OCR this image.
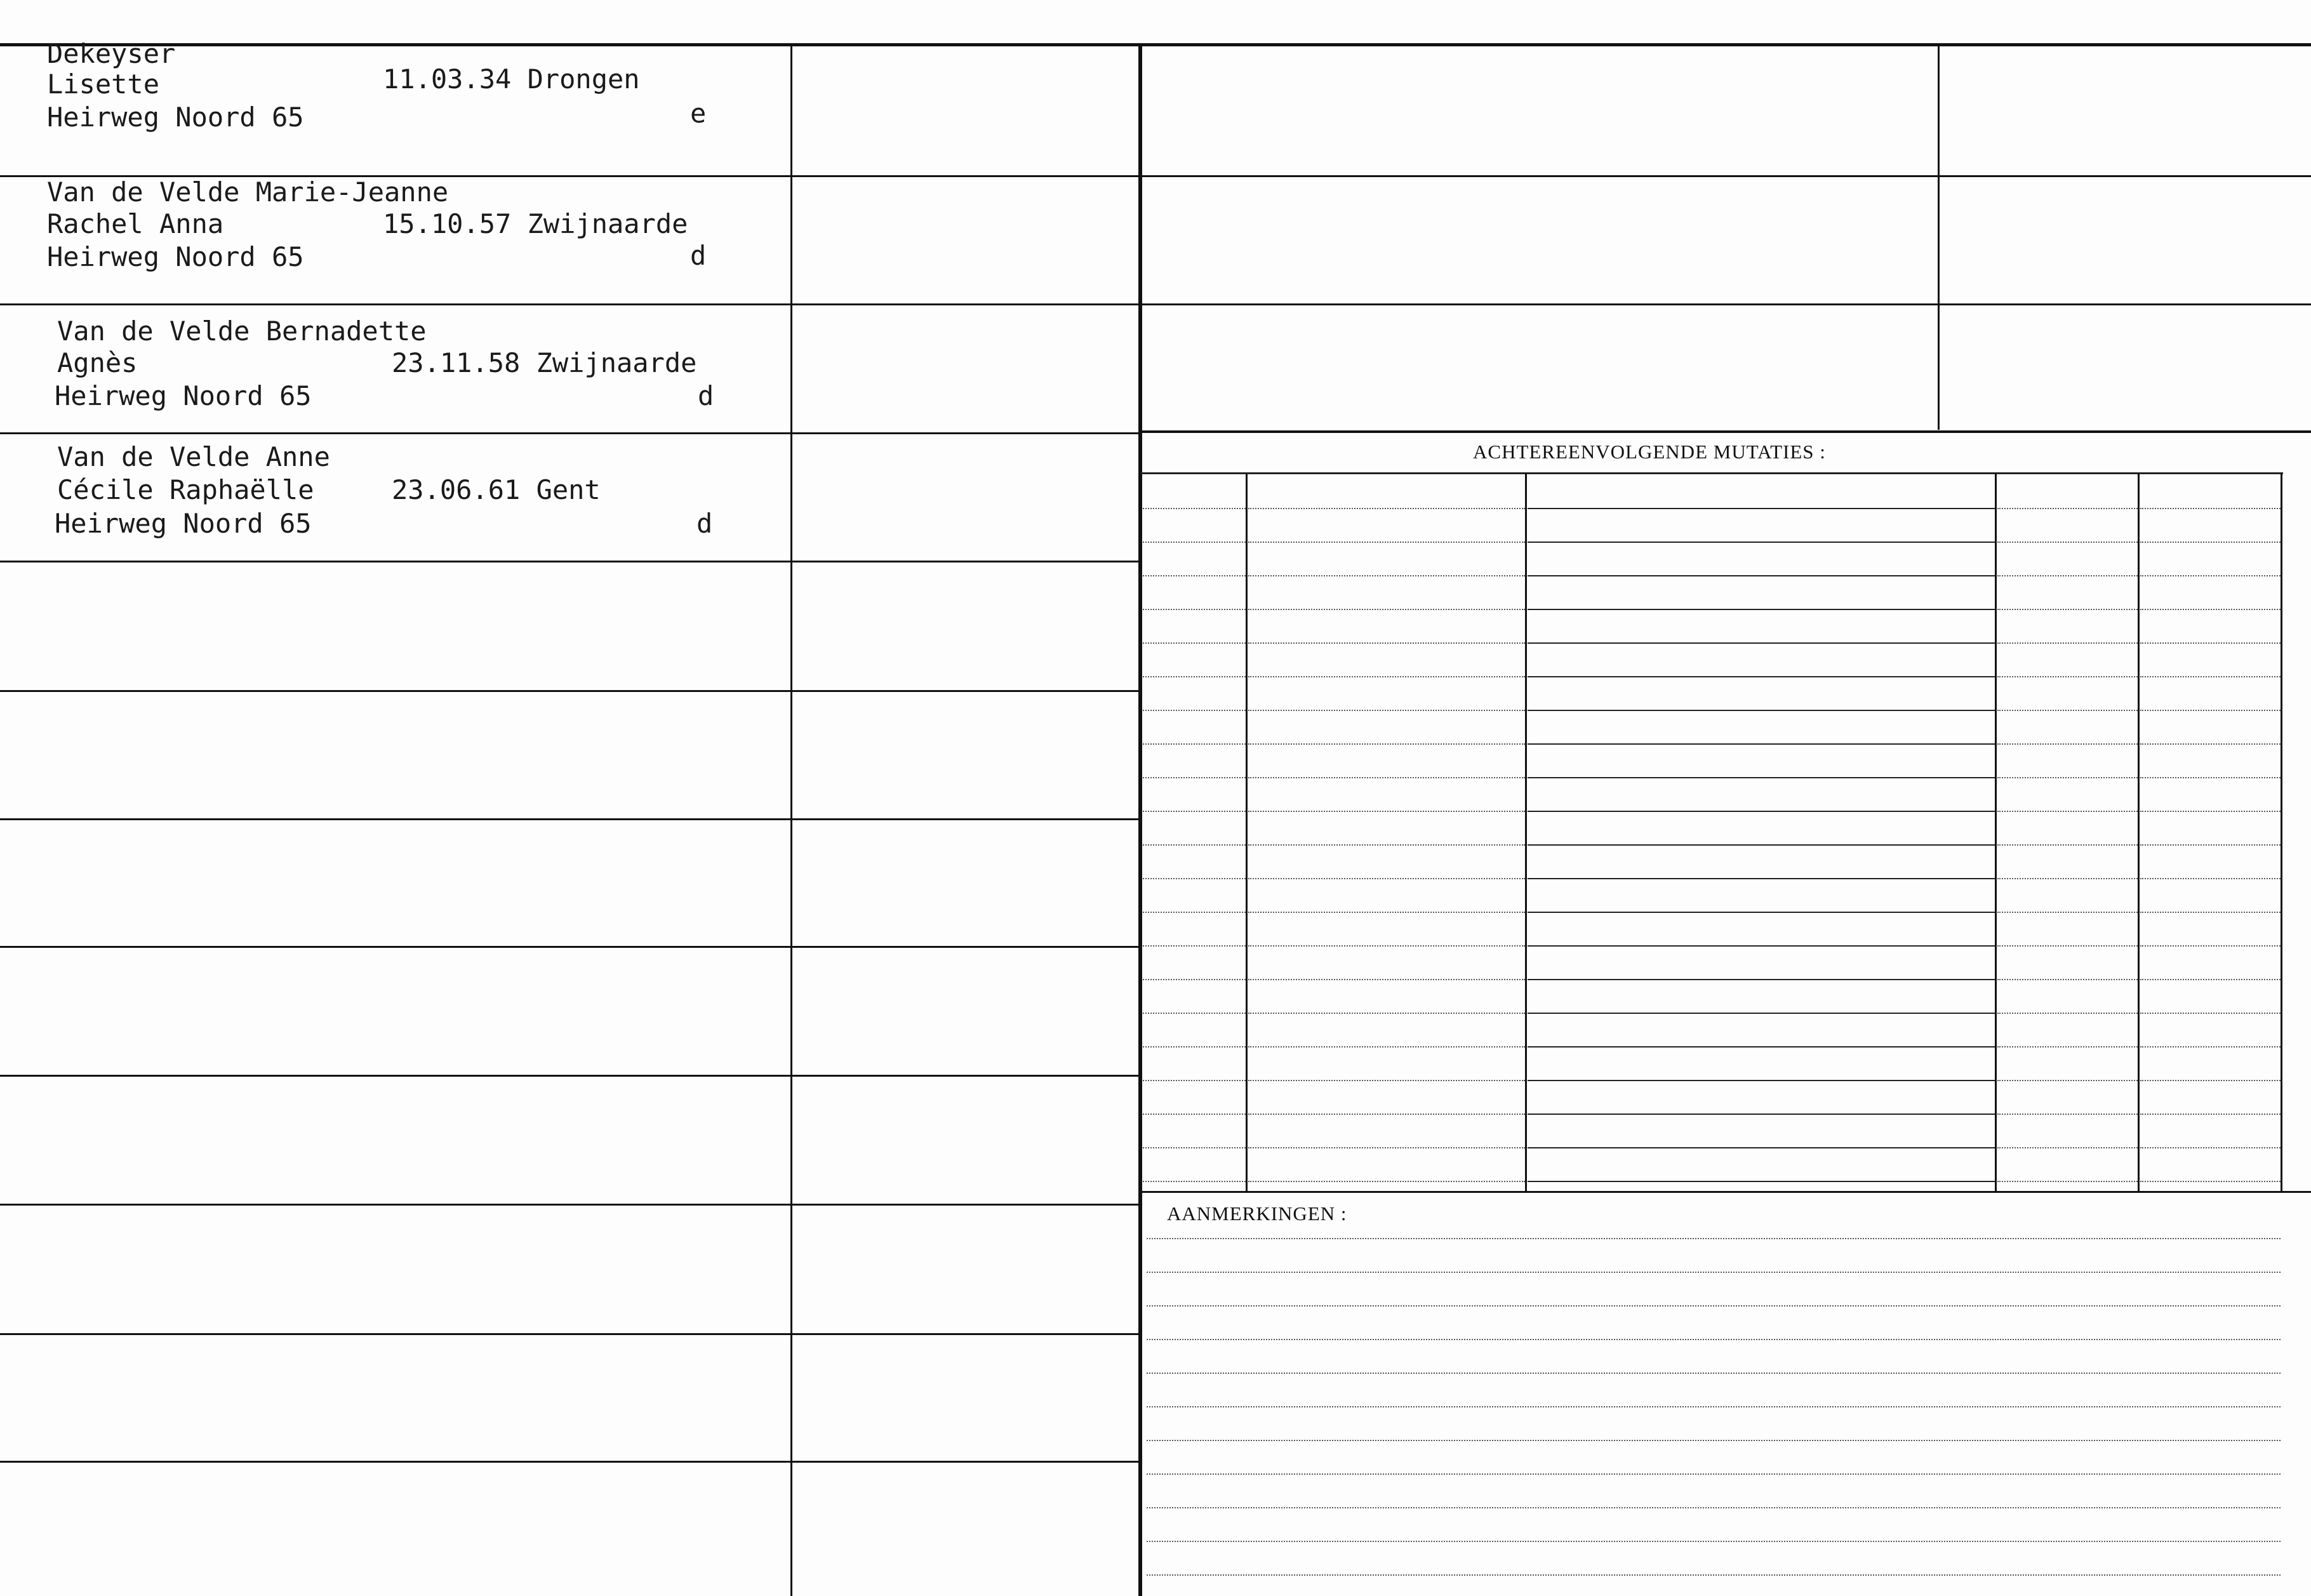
Dekeyser
Lisette	11.03.34 Drongen
Heirweg Noord 65	e
Van de Velde Marie-Jeanne
Rachel Anna	15.10.57 Zwijnaarde
Heirweg Noord 65	d
Van de Velde Bernadette
Agnès	23.11.58 Zwijnaarde
Heirweg Noord 65	d
Van de Velde Anne
Cécile Raphaëlle	23.06.61 Gent
Heirweg Noord 65	d
ACHTEREENVOLGENDE MUTATIES :
AANMERKINGEN :
